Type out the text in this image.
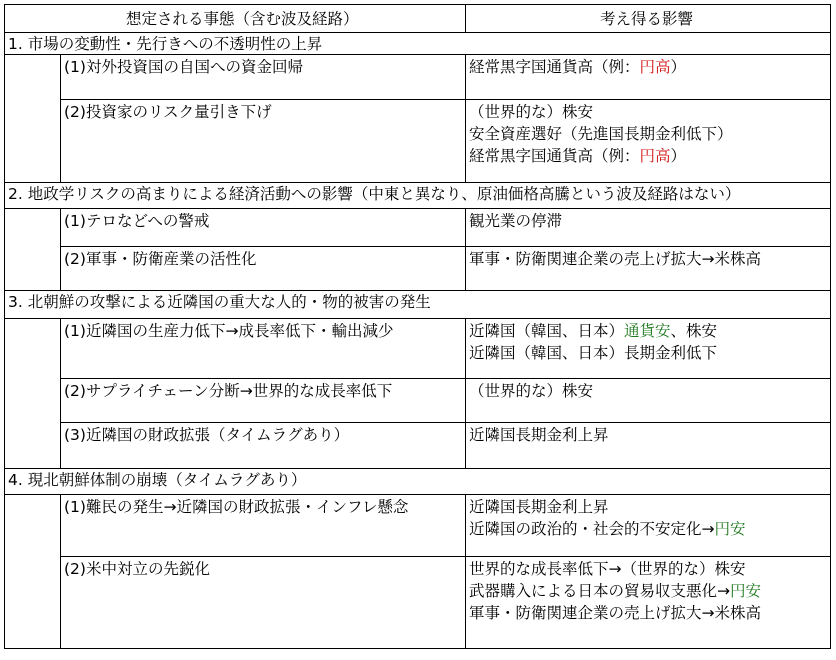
想定される事態（含む波及経路）	考え得る影響
1. 市場の変動性・先行きへの不透明性の上昇
(1)対外投資国の自国への資金回帰	経常黒字国通貨高（例：円高）
(2)投資家のリスク量引き下げ	（世界的な）株安
安全資産選好（先進国長期金利低下）
経常黒字国通貨高（例：円高）
2. 地政学リスクの高まりによる経済活動への影響（中東と異なり、原油価格高騰という波及経路はない）
(1)テロなどへの警戒	観光業の停滞
(2)軍事・防衛産業の活性化	軍事・防衛関連企業の売上げ拡大→米株高
3. 北朝鮮の攻撃による近隣国の重大な人的・物的被害の発生
(1)近隣国の生産力低下→成長率低下・輸出減少	近隣国（韓国、日本）通貨安、株安
近隣国（韓国、日本）長期金利低下
(2)サプライチェーン分断→世界的な成長率低下	（世界的な）株安
(3)近隣国の財政拡張（タイムラグあり）	近隣国長期金利上昇
4. 現北朝鮮体制の崩壊（タイムラグあり）
(1)難民の発生→近隣国の財政拡張・インフレ懸念	近隣国長期金利上昇
近隣国の政治的・社会的不安定化→円安
(2)米中対立の先鋭化	世界的な成長率低下→（世界的な）株安
武器購入による日本の貿易収支悪化→円安
軍事・防衛関連企業の売上げ拡大→米株高
